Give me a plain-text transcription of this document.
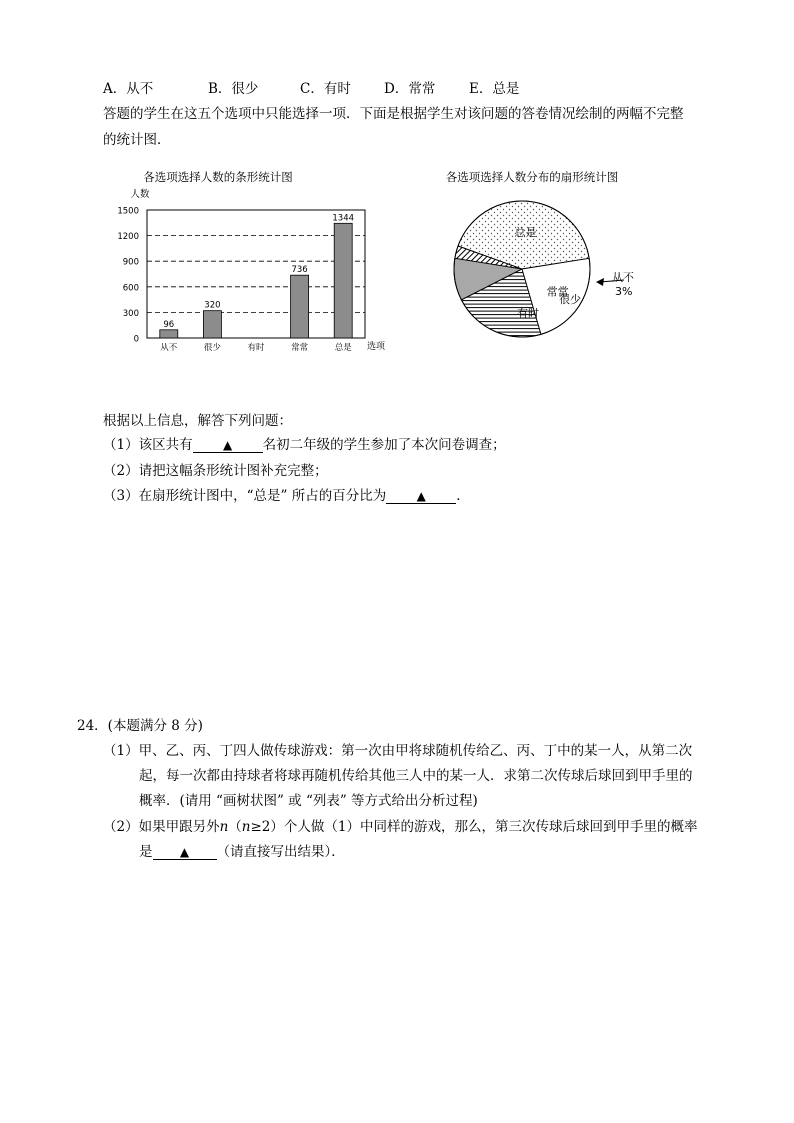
A．从不	B．很少	C．有时 D．常常 E．总是
答题的学生在这五个选项中只能选择一项．下面是根据学生对该问题的答卷情况绘制的两幅不完整
的统计图．
各选项选择人数的条形统计图
人数
0
300
600
900
1200
1500
96
从不
320
很少	有时
736
常常
1344
总是 选项
各选项选择人数分布的扇形统计图
总是
很少
有时
常常
从不
3%
根据以上信息，解答下列问题：
（1）该区共有	▲ 名初二年级的学生参加了本次问卷调查；
（2）请把这幅条形统计图补充完整；
（3）在扇形统计图中，“总是” 所占的百分比为	▲ ．
24．(本题满分 8 分)
（1）甲、乙、丙、丁四人做传球游戏：第一次由甲将球随机传给乙、丙、丁中的某一人，从第二次
起，每一次都由持球者将球再随机传给其他三人中的某一人．求第二次传球后球回到甲手里的
概率．(请用 “画树状图” 或 “列表” 等方式给出分析过程)
（2）如果甲跟另外n（n≥2）个人做（1）中同样的游戏，那么，第三次传球后球回到甲手里的概率
是 ▲ （请直接写出结果）．
